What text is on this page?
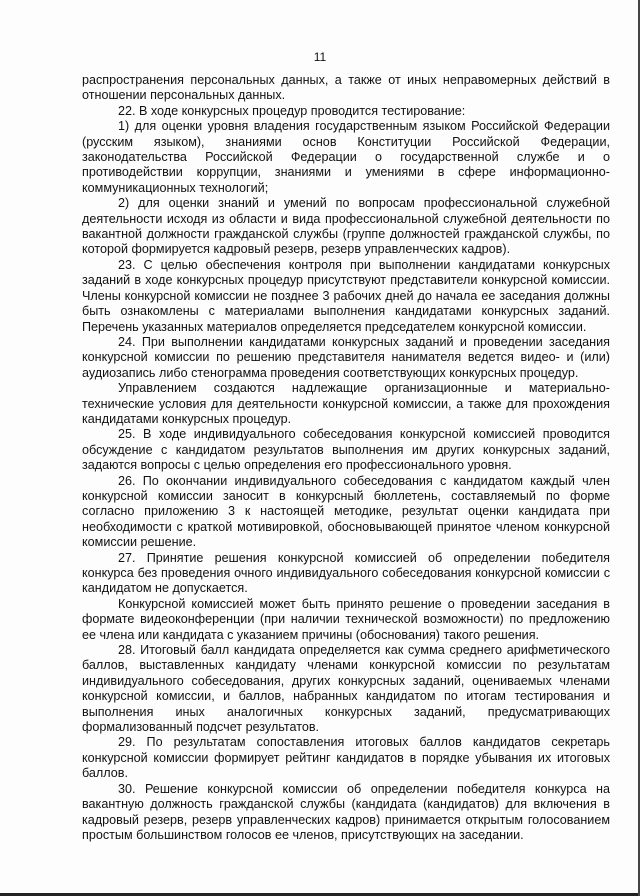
11

распространения персональных данных, а также от иных неправомерных действий в отношении персональных данных.

22. В ходе конкурсных процедур проводится тестирование:

1) для оценки уровня владения государственным языком Российской Федерации (русским языком), знаниями основ Конституции Российской Федерации, законодательства Российской Федерации о государственной службе и о противодействии коррупции, знаниями и умениями в сфере информационно-коммуникационных технологий;

2) для оценки знаний и умений по вопросам профессиональной служебной деятельности исходя из области и вида профессиональной служебной деятельности по вакантной должности гражданской службы (группе должностей гражданской службы, по которой формируется кадровый резерв, резерв управленческих кадров).

23. С целью обеспечения контроля при выполнении кандидатами конкурсных заданий в ходе конкурсных процедур присутствуют представители конкурсной комиссии. Члены конкурсной комиссии не позднее 3 рабочих дней до начала ее заседания должны быть ознакомлены с материалами выполнения кандидатами конкурсных заданий. Перечень указанных материалов определяется председателем конкурсной комиссии.

24. При выполнении кандидатами конкурсных заданий и проведении заседания конкурсной комиссии по решению представителя нанимателя ведется видео- и (или) аудиозапись либо стенограмма проведения соответствующих конкурсных процедур.

Управлением создаются надлежащие организационные и материально-технические условия для деятельности конкурсной комиссии, а также для прохождения кандидатами конкурсных процедур.

25. В ходе индивидуального собеседования конкурсной комиссией проводится обсуждение с кандидатом результатов выполнения им других конкурсных заданий, задаются вопросы с целью определения его профессионального уровня.

26. По окончании индивидуального собеседования с кандидатом каждый член конкурсной комиссии заносит в конкурсный бюллетень, составляемый по форме согласно приложению 3 к настоящей методике, результат оценки кандидата при необходимости с краткой мотивировкой, обосновывающей принятое членом конкурсной комиссии решение.

27. Принятие решения конкурсной комиссией об определении победителя конкурса без проведения очного индивидуального собеседования конкурсной комиссии с кандидатом не допускается.

Конкурсной комиссией может быть принято решение о проведении заседания в формате видеоконференции (при наличии технической возможности) по предложению ее члена или кандидата с указанием причины (обоснования) такого решения.

28. Итоговый балл кандидата определяется как сумма среднего арифметического баллов, выставленных кандидату членами конкурсной комиссии по результатам индивидуального собеседования, других конкурсных заданий, оцениваемых членами конкурсной комиссии, и баллов, набранных кандидатом по итогам тестирования и выполнения иных аналогичных конкурсных заданий, предусматривающих формализованный подсчет результатов.

29. По результатам сопоставления итоговых баллов кандидатов секретарь конкурсной комиссии формирует рейтинг кандидатов в порядке убывания их итоговых баллов.

30. Решение конкурсной комиссии об определении победителя конкурса на вакантную должность гражданской службы (кандидата (кандидатов) для включения в кадровый резерв, резерв управленческих кадров) принимается открытым голосованием простым большинством голосов ее членов, присутствующих на заседании.
